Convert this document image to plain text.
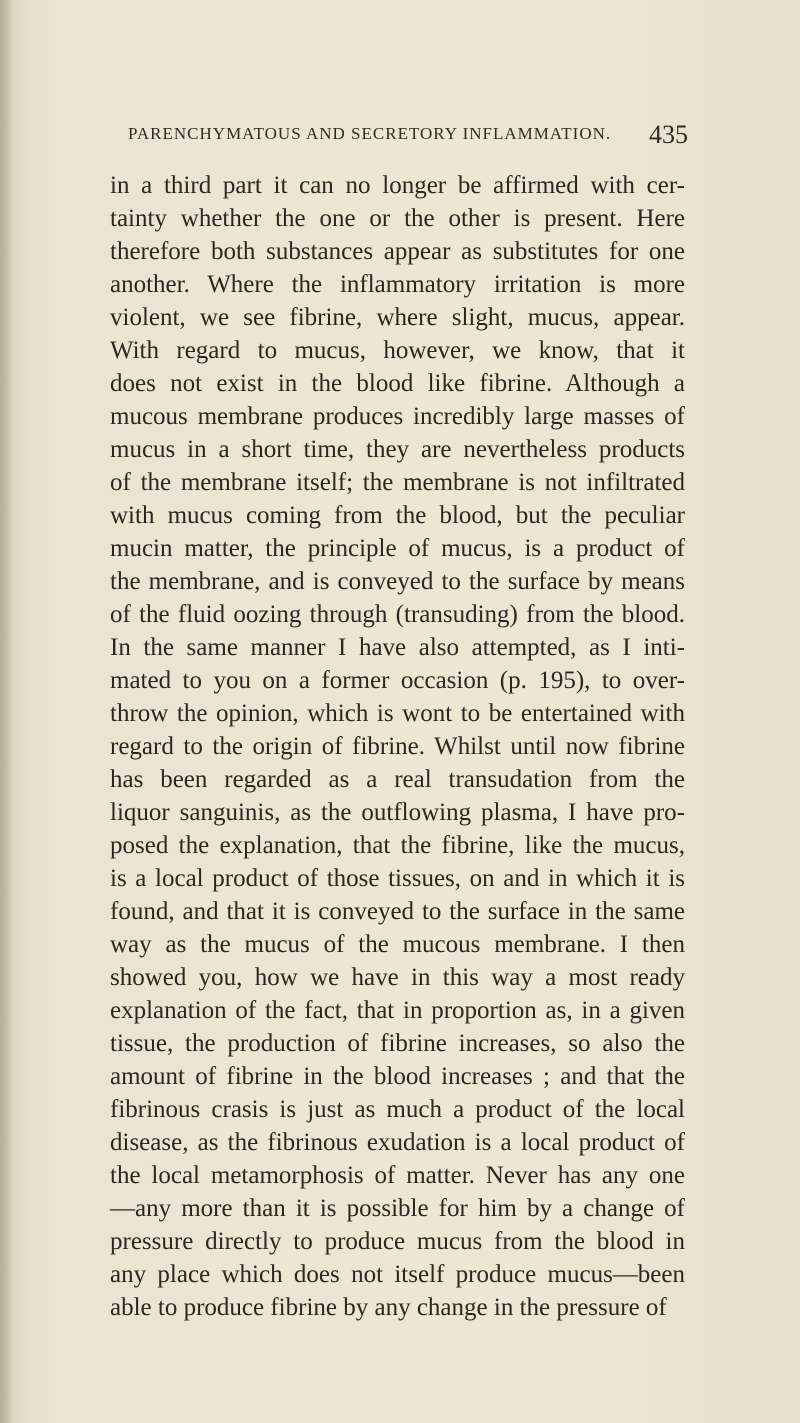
PARENCHYMATOUS AND SECRETORY INFLAMMATION. 435
in a third part it can no longer be affirmed with cer-
tainty whether the one or the other is present. Here
therefore both substances appear as substitutes for one
another. Where the inflammatory irritation is more
violent, we see fibrine, where slight, mucus, appear.
With regard to mucus, however, we know, that it
does not exist in the blood like fibrine. Although a
mucous membrane produces incredibly large masses of
mucus in a short time, they are nevertheless products
of the membrane itself; the membrane is not infiltrated
with mucus coming from the blood, but the peculiar
mucin matter, the principle of mucus, is a product of
the membrane, and is conveyed to the surface by means
of the fluid oozing through (transuding) from the blood.
In the same manner I have also attempted, as I inti-
mated to you on a former occasion (p. 195), to over-
throw the opinion, which is wont to be entertained with
regard to the origin of fibrine. Whilst until now fibrine
has been regarded as a real transudation from the
liquor sanguinis, as the outflowing plasma, I have pro-
posed the explanation, that the fibrine, like the mucus,
is a local product of those tissues, on and in which it is
found, and that it is conveyed to the surface in the same
way as the mucus of the mucous membrane. I then
showed you, how we have in this way a most ready
explanation of the fact, that in proportion as, in a given
tissue, the production of fibrine increases, so also the
amount of fibrine in the blood increases ; and that the
fibrinous crasis is just as much a product of the local
disease, as the fibrinous exudation is a local product of
the local metamorphosis of matter. Never has any one
—any more than it is possible for him by a change of
pressure directly to produce mucus from the blood in
any place which does not itself produce mucus—been
able to produce fibrine by any change in the pressure of
